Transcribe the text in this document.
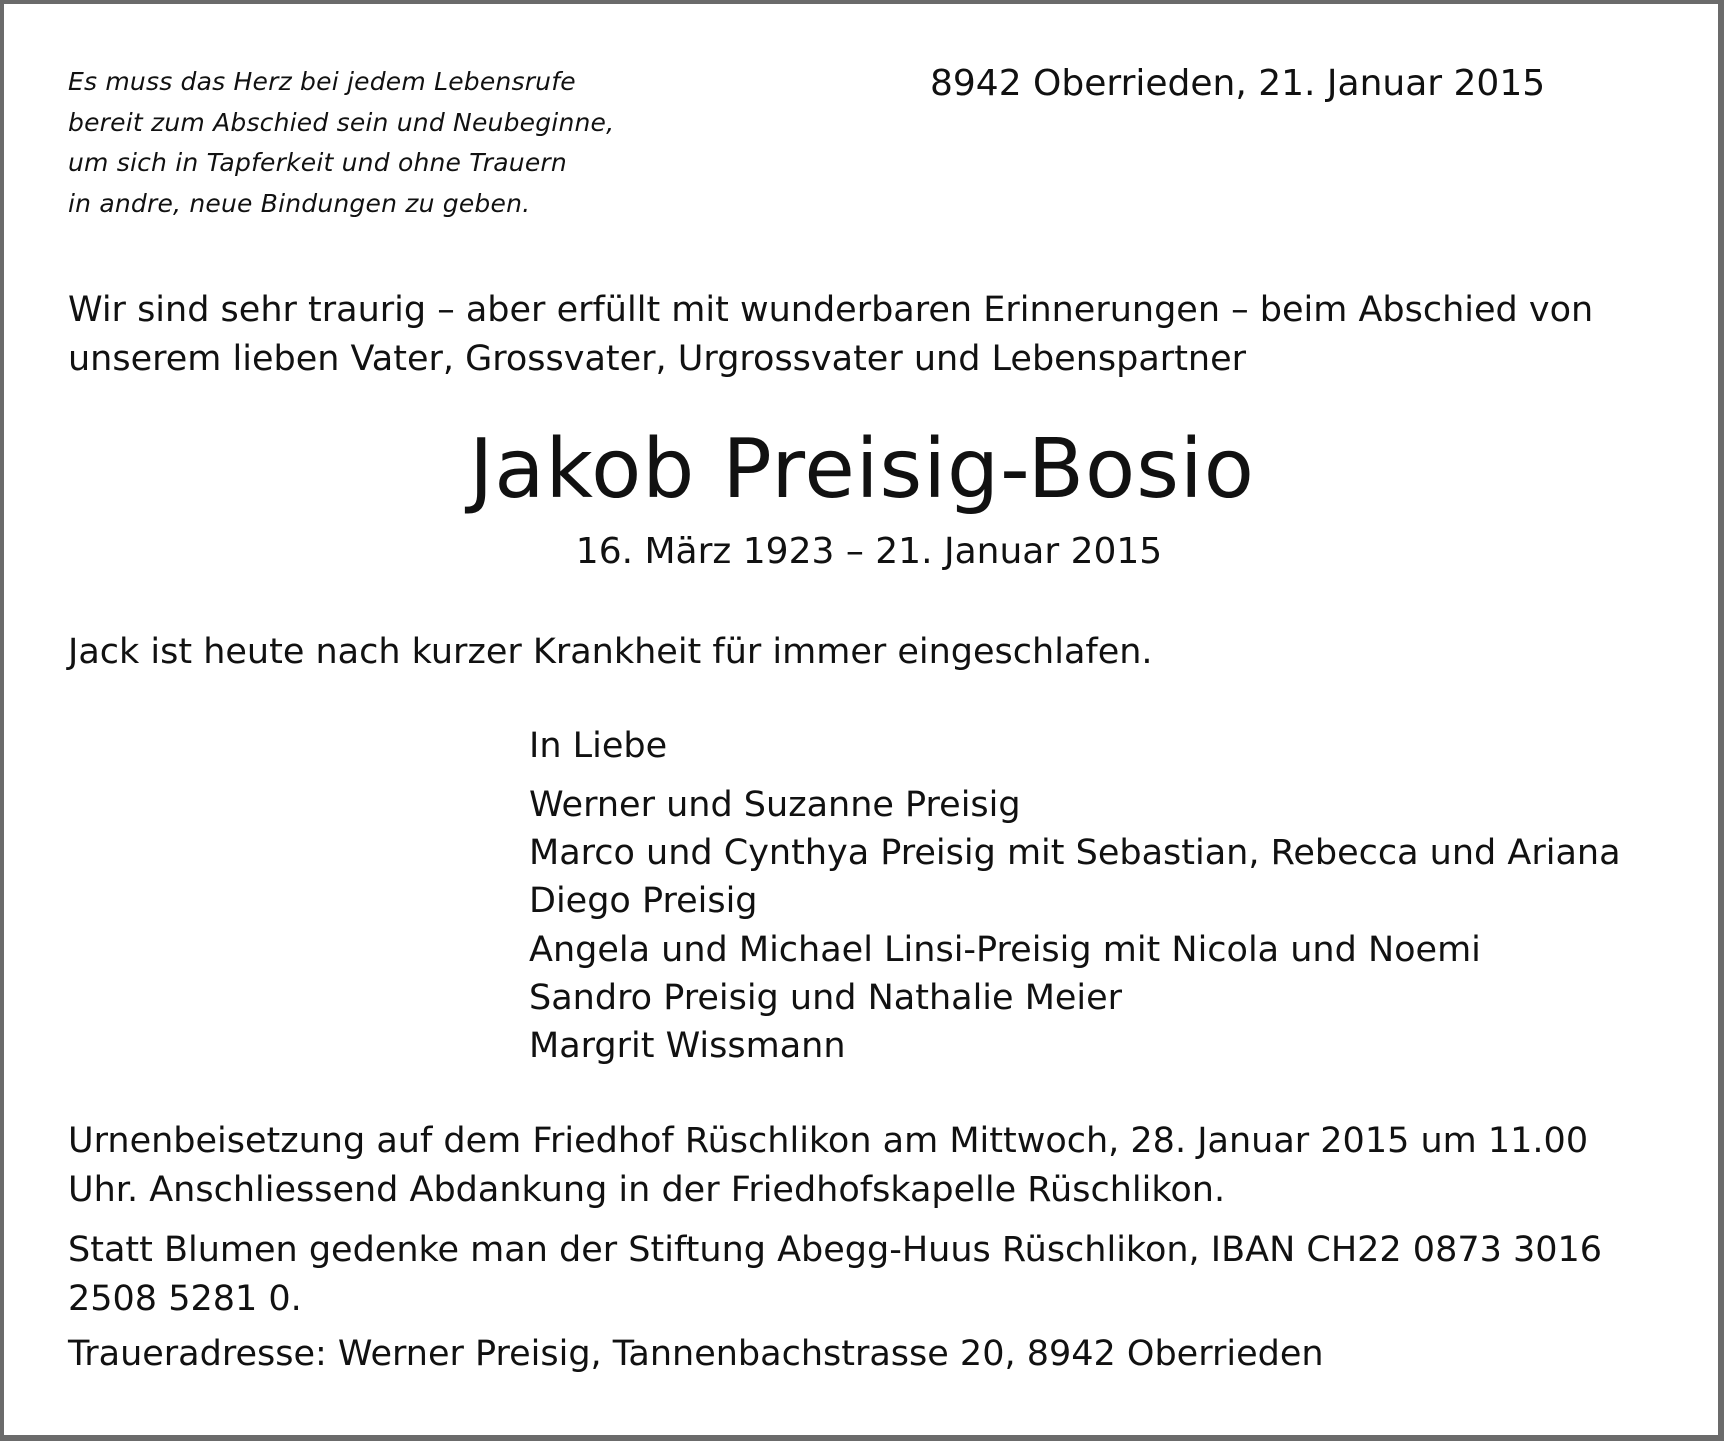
Es muss das Herz bei jedem Lebensrufe
bereit zum Abschied sein und Neubeginne,
um sich in Tapferkeit und ohne Trauern
in andre, neue Bindungen zu geben.
8942 Oberrieden, 21. Januar 2015
Wir sind sehr traurig – aber erfüllt mit wunderbaren Erinnerungen – beim Abschied von
unserem lieben Vater, Grossvater, Urgrossvater und Lebenspartner
Jakob Preisig-Bosio
16. März 1923 – 21. Januar 2015
Jack ist heute nach kurzer Krankheit für immer eingeschlafen.
In Liebe
Werner und Suzanne Preisig
Marco und Cynthya Preisig mit Sebastian, Rebecca und Ariana
Diego Preisig
Angela und Michael Linsi-Preisig mit Nicola und Noemi
Sandro Preisig und Nathalie Meier
Margrit Wissmann
Urnenbeisetzung auf dem Friedhof Rüschlikon am Mittwoch, 28. Januar 2015 um 11.00
Uhr. Anschliessend Abdankung in der Friedhofskapelle Rüschlikon.
Statt Blumen gedenke man der Stiftung Abegg-Huus Rüschlikon, IBAN CH22 0873 3016
2508 5281 0.
Traueradresse: Werner Preisig, Tannenbachstrasse 20, 8942 Oberrieden
